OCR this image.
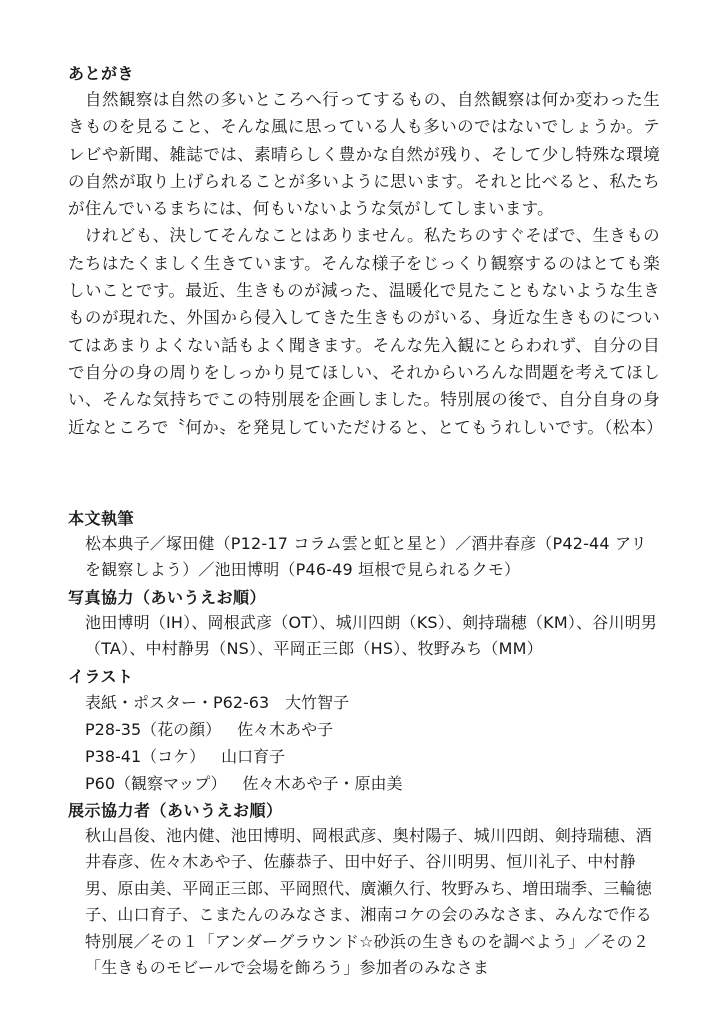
あとがき

自然観察は自然の多いところへ行ってするもの、自然観察は何か変わった生きものを見ること、そんな風に思っている人も多いのではないでしょうか。テレビや新聞、雑誌では、素晴らしく豊かな自然が残り、そして少し特殊な環境の自然が取り上げられることが多いように思います。それと比べると、私たちが住んでいるまちには、何もいないような気がしてしまいます。

けれども、決してそんなことはありません。私たちのすぐそばで、生きものたちはたくましく生きています。そんな様子をじっくり観察するのはとても楽しいことです。最近、生きものが減った、温暖化で見たこともないような生きものが現れた、外国から侵入してきた生きものがいる、身近な生きものについてはあまりよくない話もよく聞きます。そんな先入観にとらわれず、自分の目で自分の身の周りをしっかり見てほしい、それからいろんな問題を考えてほしい、そんな気持ちでこの特別展を企画しました。特別展の後で、自分自身の身近なところで〝何か〟を発見していただけると、とてもうれしいです。（松本）

本文執筆

松本典子／塚田健（P12-17 コラム雲と虹と星と）／酒井春彦（P42-44 アリを観察しよう）／池田博明（P46-49 垣根で見られるクモ）

写真協力（あいうえお順）

池田博明（IH）、岡根武彦（OT）、城川四朗（KS）、剣持瑞穂（KM）、谷川明男（TA）、中村静男（NS）、平岡正三郎（HS）、牧野みち（MM）

イラスト
表紙・ポスター・P62-63 大竹智子
P28-35（花の顔） 佐々木あや子
P38-41（コケ） 山口育子
P60（観察マップ） 佐々木あや子・原由美
展示協力者（あいうえお順）

秋山昌俊、池内健、池田博明、岡根武彦、奥村陽子、城川四朗、剣持瑞穂、酒井春彦、佐々木あや子、佐藤恭子、田中好子、谷川明男、恒川礼子、中村静男、原由美、平岡正三郎、平岡照代、廣瀬久行、牧野みち、増田瑞季、三輪徳子、山口育子、こまたんのみなさま、湘南コケの会のみなさま、みんなで作る特別展／その１「アンダーグラウンド☆砂浜の生きものを調べよう」／その２「生きものモビールで会場を飾ろう」参加者のみなさま
